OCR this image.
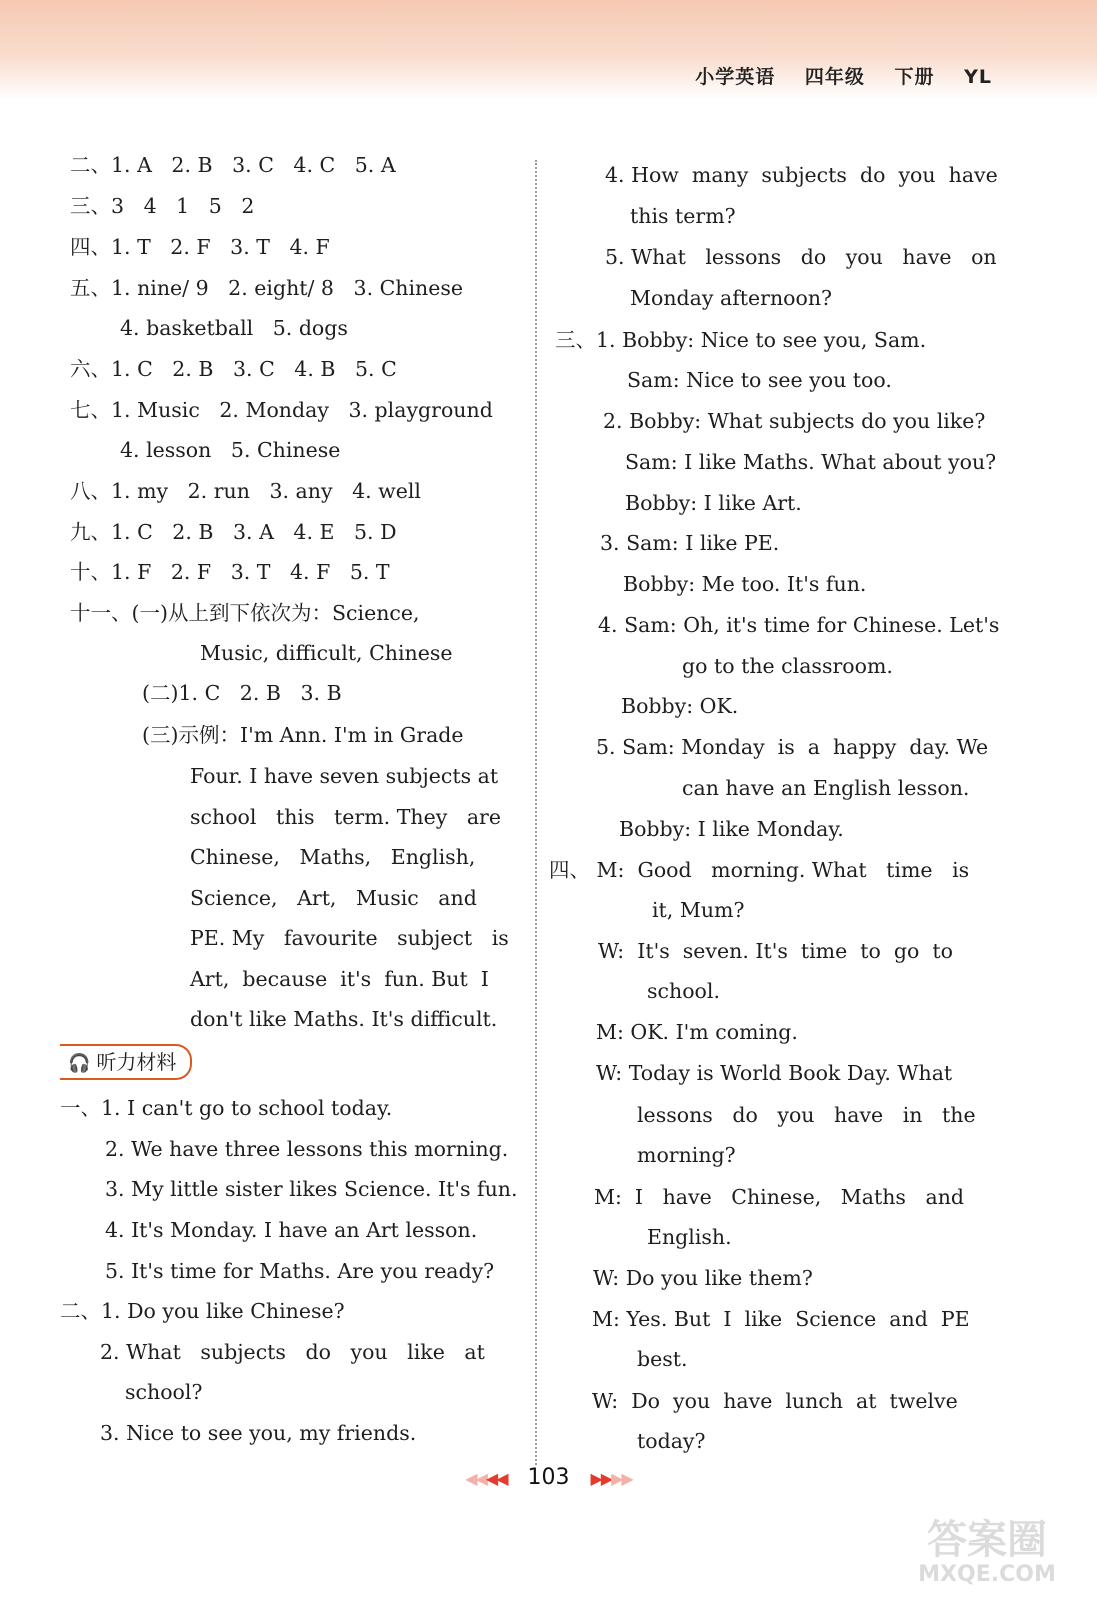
小学英语 四年级 下册 YL
二、1. A   2. B   3. C   4. C   5. A
三、3   4   1   5   2
四、1. T   2. F   3. T   4. F
五、1. nine/ 9   2. eight/ 8   3. Chinese
4. basketball   5. dogs
六、1. C   2. B   3. C   4. B   5. C
七、1. Music   2. Monday   3. playground
4. lesson   5. Chinese
八、1. my   2. run   3. any   4. well
九、1. C   2. B   3. A   4. E   5. D
十、1. F   2. F   3. T   4. F   5. T
十一、(一)从上到下依次为：Science,
Music, difficult, Chinese
(二)1. C   2. B   3. B
(三)示例：I'm Ann. I'm in Grade
Four. I have seven subjects at
school   this   term. They   are
Chinese,   Maths,   English,
Science,   Art,   Music   and
PE. My   favourite   subject   is
Art,  because  it's  fun. But  I
don't like Maths. It's difficult.
一、1. I can't go to school today.
2. We have three lessons this morning.
3. My little sister likes Science. It's fun.
4. It's Monday. I have an Art lesson.
5. It's time for Maths. Are you ready?
二、1. Do you like Chinese?
2. What   subjects   do   you   like   at
school?
3. Nice to see you, my friends.
4. How  many  subjects  do  you  have
this term?
5. What   lessons   do   you   have   on
Monday afternoon?
三、1. Bobby: Nice to see you, Sam.
Sam: Nice to see you too.
2. Bobby: What subjects do you like?
Sam: I like Maths. What about you?
Bobby: I like Art.
3. Sam: I like PE.
Bobby: Me too. It's fun.
4. Sam: Oh, it's time for Chinese. Let's
go to the classroom.
Bobby: OK.
5. Sam: Monday  is  a  happy  day. We
can have an English lesson.
Bobby: I like Monday.
四、 M:  Good   morning. What   time   is
it, Mum?
W:  It's  seven. It's  time  to  go  to
school.
M: OK. I'm coming.
W: Today is World Book Day. What
lessons   do   you   have   in   the
morning?
M:  I   have   Chinese,   Maths   and
English.
W: Do you like them?
M: Yes. But  I  like  Science  and  PE
best.
W:  Do  you  have  lunch  at  twelve
today?
🎧 听力材料
◀◀◀◀ 103 ▶▶▶▶
答案圈
MXQE.COM
